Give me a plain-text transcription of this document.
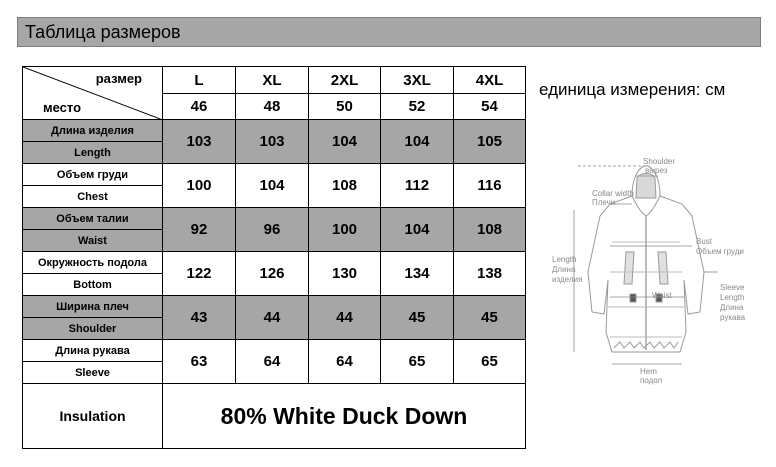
Таблица размеров
размер
место	L	XL	2XL	3XL	4XL
	46	48	50	52	54
Длина изделия	103	103	104	104	105
Length					
Объем груди	100	104	108	112	116
Chest					
Объем талии	92	96	100	104	108
Waist					
Окружность подола	122	126	130	134	138
Bottom					
Ширина плеч	43	44	44	45	45
Shoulder					
Длина рукава	63	64	64	65	65
Sleeve					
Insulation	80% White Duck Down				
единица измерения: см
Shoulder
вырез
Collar width
Плечи
Length
Длина
изделия
Bust
Объем груди
Waist
Sleeve
Length
Длина
рукава
Hem
подол
